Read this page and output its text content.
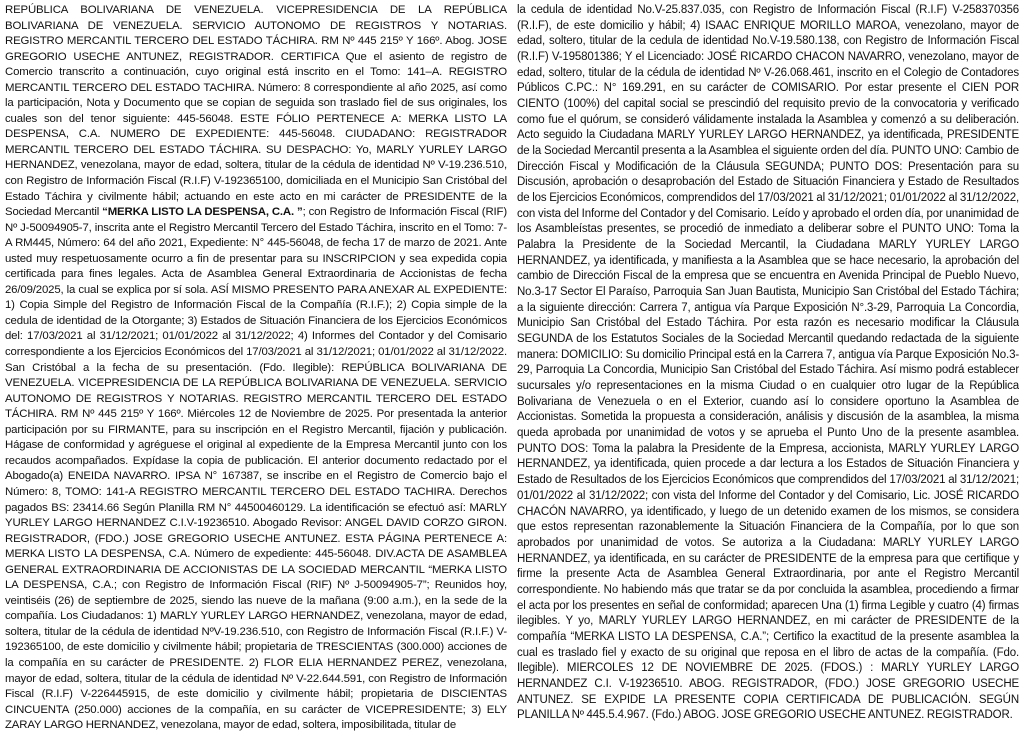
REPÚBLICA BOLIVARIANA DE VENEZUELA. VICEPRESIDENCIA DE LA REPÚBLICA BOLIVARIANA DE VENEZUELA. SERVICIO AUTONOMO DE REGISTROS Y NOTARIAS. REGISTRO MERCANTIL TERCERO DEL ESTADO TÁCHIRA. RM Nº 445 215º Y 166º. Abog. JOSE GREGORIO USECHE ANTUNEZ, REGISTRADOR. CERTIFICA Que el asiento de registro de Comercio transcrito a continuación, cuyo original está inscrito en el Tomo: 141–A. REGISTRO MERCANTIL TERCERO DEL ESTADO TACHIRA. Número: 8 correspondiente al año 2025, así como la participación, Nota y Documento que se copian de seguida son traslado fiel de sus originales, los cuales son del tenor siguiente: 445-56048. ESTE FÓLIO PERTENECE A: MERKA LISTO LA DESPENSA, C.A. NUMERO DE EXPEDIENTE: 445-56048. CIUDADANO: REGISTRADOR MERCANTIL TERCERO DEL ESTADO TÁCHIRA. SU DESPACHO: Yo, MARLY YURLEY LARGO HERNANDEZ, venezolana, mayor de edad, soltera, titular de la cédula de identidad Nº V-19.236.510, con Registro de Información Fiscal (R.I.F) V-192365100, domiciliada en el Municipio San Cristóbal del Estado Táchira y civilmente hábil; actuando en este acto en mi carácter de PRESIDENTE de la Sociedad Mercantil

“MERKA LISTO LA DESPENSA, C.A. ”

; con Registro de Información Fiscal (RIF) Nº J-50094905-7, inscrita ante el Registro Mercantil Tercero del Estado Táchira, inscrito en el Tomo: 7-A RM445, Número: 64 del año 2021, Expediente: N° 445-56048, de fecha 17 de marzo de 2021. Ante usted muy respetuosamente ocurro a fin de presentar para su INSCRIPCION y sea expedida copia certificada para fines legales. Acta de Asamblea General Extraordinaria de Accionistas de fecha 26/09/2025, la cual se explica por sí sola. ASÍ MISMO PRESENTO PARA ANEXAR AL EXPEDIENTE: 1) Copia Simple del Registro de Información Fiscal de la Compañía (R.I.F.); 2) Copia simple de la cedula de identidad de la Otorgante; 3) Estados de Situación Financiera de los Ejercicios Económicos del: 17/03/2021 al 31/12/2021; 01/01/2022 al 31/12/2022; 4) Informes del Contador y del Comisario correspondiente a los Ejercicios Económicos del 17/03/2021 al 31/12/2021; 01/01/2022 al 31/12/2022. San Cristóbal a la fecha de su presentación. (Fdo. Ilegible): REPÚBLICA BOLIVARIANA DE VENEZUELA. VICEPRESIDENCIA DE LA REPÚBLICA BOLIVARIANA DE VENEZUELA. SERVICIO AUTONOMO DE REGISTROS Y NOTARIAS. REGISTRO MERCANTIL TERCERO DEL ESTADO TÁCHIRA. RM Nº 445 215º Y 166º. Miércoles 12 de Noviembre de 2025. Por presentada la anterior participación por su FIRMANTE, para su inscripción en el Registro Mercantil, fijación y publicación. Hágase de conformidad y agréguese el original al expediente de la Empresa Mercantil junto con los recaudos acompañados. Expídase la copia de publicación. El anterior documento redactado por el Abogado(a) ENEIDA NAVARRO. IPSA N° 167387, se inscribe en el Registro de Comercio bajo el Número: 8, TOMO: 141-A REGISTRO MERCANTIL TERCERO DEL ESTADO TACHIRA. Derechos pagados BS: 23414.66 Según Planilla RM N° 44500460129. La identificación se efectuó así: MARLY YURLEY LARGO HERNANDEZ C.I.V-19236510. Abogado Revisor: ANGEL DAVID CORZO GIRON. REGISTRADOR, (FDO.) JOSE GREGORIO USECHE ANTUNEZ. ESTA PÁGINA PERTENECE A: MERKA LISTO LA DESPENSA, C.A. Número de expediente: 445-56048. DIV.ACTA DE ASAMBLEA GENERAL EXTRAORDINARIA DE ACCIONISTAS DE LA SOCIEDAD MERCANTIL “MERKA LISTO LA DESPENSA, C.A.; con Registro de Información Fiscal (RIF) Nº J-50094905-7”; Reunidos hoy, veintiséis (26) de septiembre de 2025, siendo las nueve de la mañana (9:00 a.m.), en la sede de la compañía. Los Ciudadanos: 1) MARLY YURLEY LARGO HERNANDEZ, venezolana, mayor de edad, soltera, titular de la cédula de identidad NºV-19.236.510, con Registro de Información Fiscal (R.I.F.) V-192365100, de este domicilio y civilmente hábil; propietaria de TRESCIENTAS (300.000) acciones de la compañía en su carácter de PRESIDENTE. 2) FLOR ELIA HERNANDEZ PEREZ, venezolana, mayor de edad, soltera, titular de la cédula de identidad Nº V-22.644.591, con Registro de Información Fiscal (R.I.F) V-226445915, de este domicilio y civilmente hábil; propietaria de DISCIENTAS CINCUENTA (250.000) acciones de la compañía, en su carácter de VICEPRESIDENTE; 3) ELY ZARAY LARGO HERNANDEZ, venezolana, mayor de edad, soltera, imposibilitada, titular de

la cedula de identidad No.V-25.837.035, con Registro de Información Fiscal (R.I.F) V-258370356 (R.I.F), de este domicilio y hábil; 4) ISAAC ENRIQUE MORILLO MAROA, venezolano, mayor de edad, soltero, titular de la cedula de identidad No.V-19.580.138, con Registro de Información Fiscal (R.I.F) V-195801386; Y el Licenciado: JOSÉ RICARDO CHACON NAVARRO, venezolano, mayor de edad, soltero, titular de la cédula de identidad Nº V-26.068.461, inscrito en el Colegio de Contadores Públicos C.PC.: N° 169.291, en su carácter de COMISARIO. Por estar presente el CIEN POR CIENTO (100%) del capital social se prescindió del requisito previo de la convocatoria y verificado como fue el quórum, se consideró válidamente instalada la Asamblea y comenzó a su deliberación. Acto seguido la Ciudadana MARLY YURLEY LARGO HERNANDEZ, ya identificada, PRESIDENTE de la Sociedad Mercantil presenta a la Asamblea el siguiente orden del día. PUNTO UNO: Cambio de Dirección Fiscal y Modificación de la Cláusula SEGUNDA; PUNTO DOS: Presentación para su Discusión, aprobación o desaprobación del Estado de Situación Financiera y Estado de Resultados de los Ejercicios Económicos, comprendidos del 17/03/2021 al 31/12/2021; 01/01/2022 al 31/12/2022, con vista del Informe del Contador y del Comisario. Leído y aprobado el orden día, por unanimidad de los Asambleístas presentes, se procedió de inmediato a deliberar sobre el PUNTO UNO: Toma la Palabra la Presidente de la Sociedad Mercantil, la Ciudadana MARLY YURLEY LARGO HERNANDEZ, ya identificada, y manifiesta a la Asamblea que se hace necesario, la aprobación del cambio de Dirección Fiscal de la empresa que se encuentra en Avenida Principal de Pueblo Nuevo, No.3-17 Sector El Paraíso, Parroquia San Juan Bautista, Municipio San Cristóbal del Estado Táchira; a la siguiente dirección: Carrera 7, antigua vía Parque Exposición N°.3-29, Parroquia La Concordia, Municipio San Cristóbal del Estado Táchira. Por esta razón es necesario modificar la Cláusula SEGUNDA de los Estatutos Sociales de la Sociedad Mercantil quedando redactada de la siguiente manera: DOMICILIO: Su domicilio Principal está en la Carrera 7, antigua vía Parque Exposición No.3-29, Parroquia La Concordia, Municipio San Cristóbal del Estado Táchira. Así mismo podrá establecer sucursales y/o representaciones en la misma Ciudad o en cualquier otro lugar de la República Bolivariana de Venezuela o en el Exterior, cuando así lo considere oportuno la Asamblea de Accionistas. Sometida la propuesta a consideración, análisis y discusión de la asamblea, la misma queda aprobada por unanimidad de votos y se aprueba el Punto Uno de la presente asamblea. PUNTO DOS: Toma la palabra la Presidente de la Empresa, accionista, MARLY YURLEY LARGO HERNANDEZ, ya identificada, quien procede a dar lectura a los Estados de Situación Financiera y Estado de Resultados de los Ejercicios Económicos que comprendidos del 17/03/2021 al 31/12/2021; 01/01/2022 al 31/12/2022; con vista del Informe del Contador y del Comisario, Lic. JOSÉ RICARDO CHACÓN NAVARRO, ya identificado, y luego de un detenido examen de los mismos, se considera que estos representan razonablemente la Situación Financiera de la Compañía, por lo que son aprobados por unanimidad de votos. Se autoriza a la Ciudadana: MARLY YURLEY LARGO HERNANDEZ, ya identificada, en su carácter de PRESIDENTE de la empresa para que certifique y firme la presente Acta de Asamblea General Extraordinaria, por ante el Registro Mercantil correspondiente. No habiendo más que tratar se da por concluida la asamblea, procediendo a firmar el acta por los presentes en señal de conformidad; aparecen Una (1) firma Legible y cuatro (4) firmas ilegibles. Y yo, MARLY YURLEY LARGO HERNANDEZ, en mi carácter de PRESIDENTE de la compañía “MERKA LISTO LA DESPENSA, C.A.”; Certifico la exactitud de la presente asamblea la cual es traslado fiel y exacto de su original que reposa en el libro de actas de la compañía. (Fdo. Ilegible). MIERCOLES 12 DE NOVIEMBRE DE 2025. (FDOS.) : MARLY YURLEY LARGO HERNANDEZ C.I. V-19236510. ABOG. REGISTRADOR, (FDO.) JOSE GREGORIO USECHE ANTUNEZ. SE EXPIDE LA PRESENTE COPIA CERTIFICADA DE PUBLICACIÓN. SEGÚN PLANILLA Nº 445.5.4.967. (Fdo.) ABOG. JOSE GREGORIO USECHE ANTUNEZ. REGISTRADOR.
